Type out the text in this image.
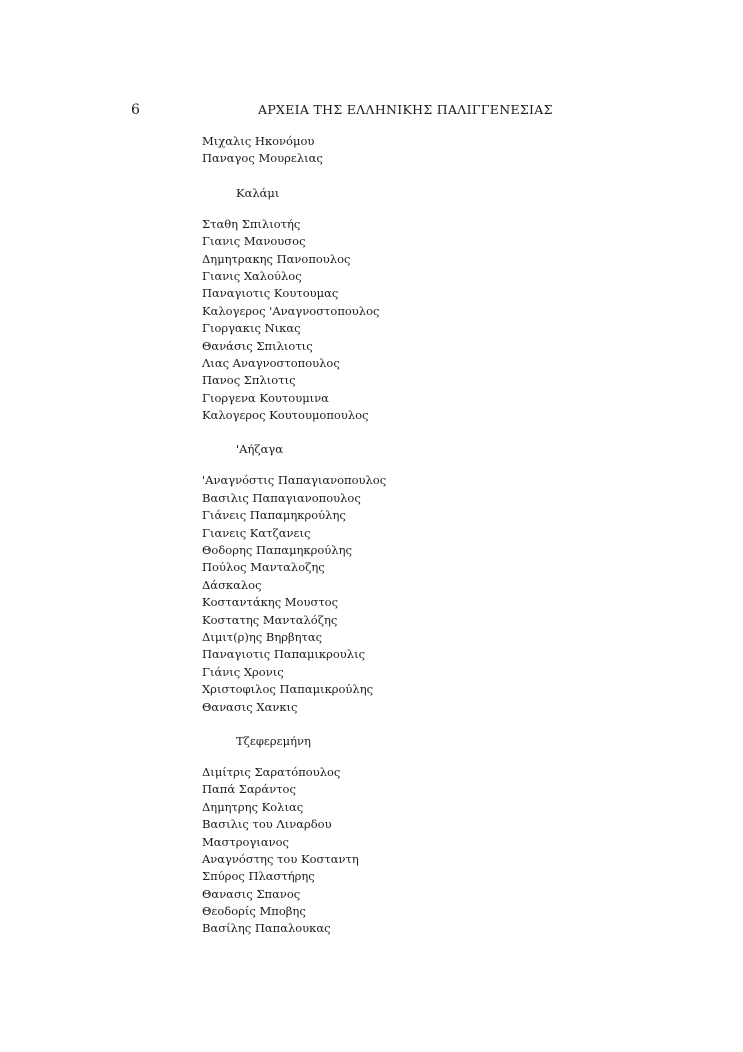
6	ΑΡΧΕΙΑ ΤΗΣ ΕΛΛΗΝΙΚΗΣ ΠΑΛΙΓΓΕΝΕΣΙΑΣ
Μιχαλις Ηκονόμου
Παναγος Μουρελιας
Καλάμι
Σταθη Σπιλιοτής
Γιανις Μανουσος
Δημητρακης Πανοπουλος
Γιανις Χαλούλος
Παναγιοτις Κουτουμας
Καλογερος 'Αναγνοστοπουλος
Γιοργακις Νικας
Θανάσις Σπιλιοτις
Λιας Αναγνοστοπουλος
Πανος Σπλιοτις
Γιοργενα Κουτουμινα
Καλογερος Κουτουμοπουλος
'Αήζαγα
'Αναγνόστις Παπαγιανοπουλος
Βασιλις Παπαγιανοπουλος
Γιάνεις Παπαμηκρούλης
Γιανεις Κατζανεις
Θοδορης Παπαμηκρούλης
Πούλος Μανταλοζης
Δάσκαλος
Κοσταντάκης Μουστος
Κοστατης Μανταλόζης
Διμιτ(ρ)ης Βηρβητας
Παναγιοτις Παπαμικρουλις
Γιάνις Χρονις
Χριστοφιλος Παπαμικρούλης
Θανασις Χανκις
Τζεφερεμήνη
Διμίτρις Σαρατόπουλος
Παπά Σαράντος
Δημητρης Κολιας
Βασιλις του Λιναρδου
Μαστρογιανος
Αναγνόστης του Κοσταντη
Σπύρος Πλαστήρης
Θανασις Σπανος
Θεοδορίς Μποβης
Βασίλης Παπαλουκας
